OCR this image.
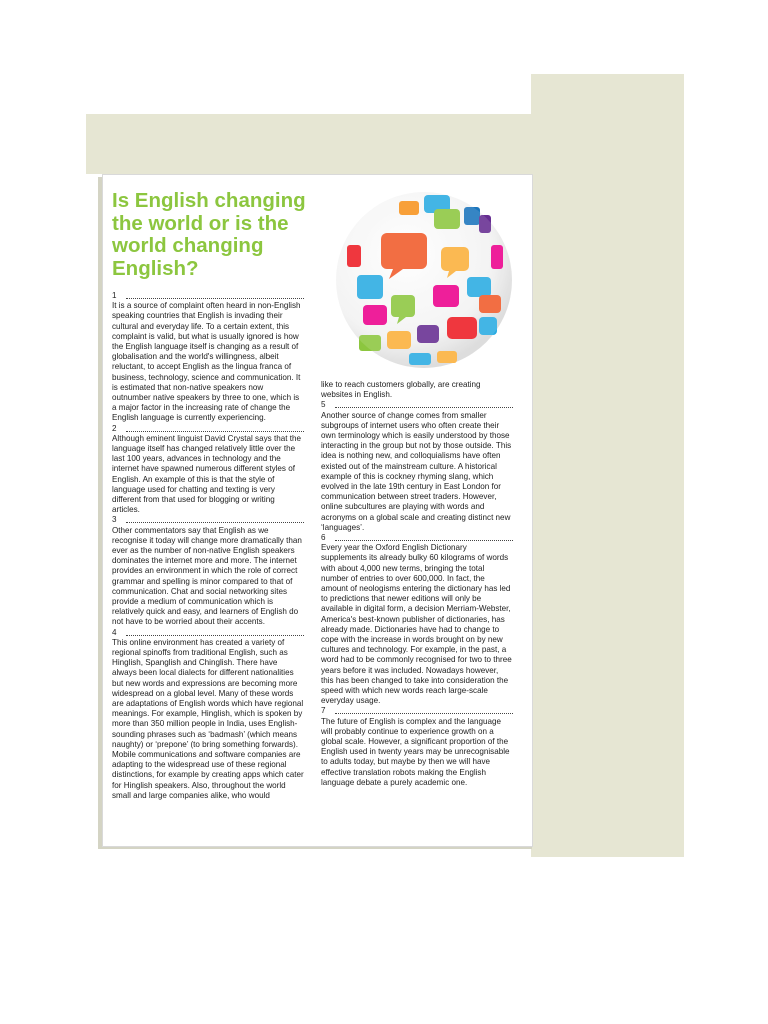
Is English changing the world or is the world changing English?
1

It is a source of complaint often heard in non-English speaking countries that English is invading their cultural and everyday life. To a certain extent, this complaint is valid, but what is usually ignored is how the English language itself is changing as a result of globalisation and the world's willingness, albeit reluctant, to accept English as the lingua franca of business, technology, science and communication. It is estimated that non-native speakers now outnumber native speakers by three to one, which is a major factor in the increasing rate of change the English language is currently experiencing.

2

Although eminent linguist David Crystal says that the language itself has changed relatively little over the last 100 years, advances in technology and the internet have spawned numerous different styles of English. An example of this is that the style of language used for chatting and texting is very different from that used for blogging or writing articles.

3

Other commentators say that English as we recognise it today will change more dramatically than ever as the number of non-native English speakers dominates the internet more and more. The internet provides an environment in which the role of correct grammar and spelling is minor compared to that of communication. Chat and social networking sites provide a medium of communication which is relatively quick and easy, and learners of English do not have to be worried about their accents.

4

This online environment has created a variety of regional spinoffs from traditional English, such as Hinglish, Spanglish and Chinglish. There have always been local dialects for different nationalities but new words and expressions are becoming more widespread on a global level. Many of these words are adaptations of English words which have regional meanings. For example, Hinglish, which is spoken by more than 350 million people in India, uses English-sounding phrases such as ‘badmash’ (which means naughty) or ‘prepone’ (to bring something forwards).

Mobile communications and software companies are adapting to the widespread use of these regional distinctions, for example by creating apps which cater for Hinglish speakers. Also, throughout the world small and large companies alike, who would

like to reach customers globally, are creating websites in English.

5

Another source of change comes from smaller subgroups of internet users who often create their own terminology which is easily understood by those interacting in the group but not by those outside. This idea is nothing new, and colloquialisms have often existed out of the mainstream culture. A historical example of this is cockney rhyming slang, which evolved in the late 19th century in East London for communication between street traders. However, online subcultures are playing with words and acronyms on a global scale and creating distinct new ‘languages’.

6

Every year the Oxford English Dictionary supplements its already bulky 60 kilograms of words with about 4,000 new terms, bringing the total number of entries to over 600,000. In fact, the amount of neologisms entering the dictionary has led to predictions that newer editions will only be available in digital form, a decision Merriam-Webster, America's best-known publisher of dictionaries, has already made. Dictionaries have had to change to cope with the increase in words brought on by new cultures and technology. For example, in the past, a word had to be commonly recognised for two to three years before it was included. Nowadays however, this has been changed to take into consideration the speed with which new words reach large-scale everyday usage.

7

The future of English is complex and the language will probably continue to experience growth on a global scale. However, a significant proportion of the English used in twenty years may be unrecognisable to adults today, but maybe by then we will have effective translation robots making the English language debate a purely academic one.
